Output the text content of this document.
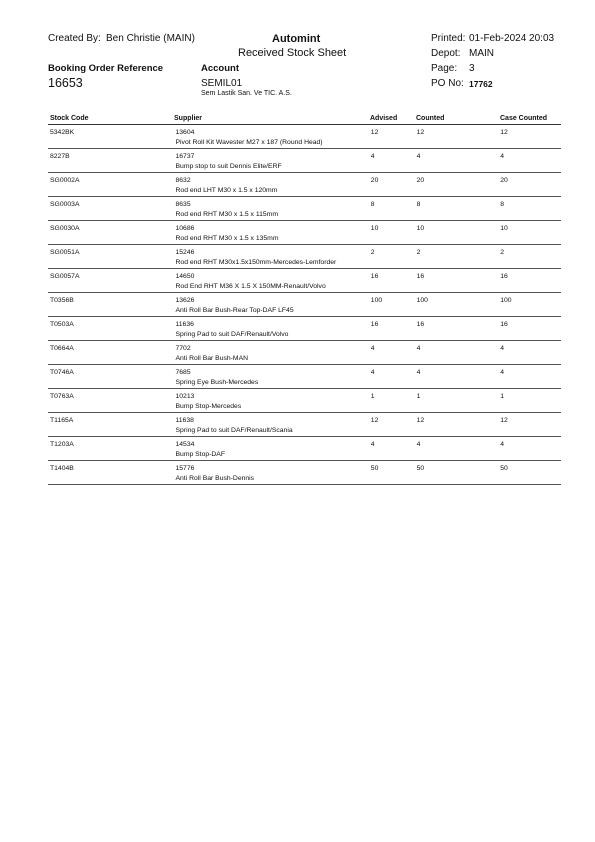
Created By: Ben Christie (MAIN)	Automint
Received Stock Sheet
Printed: 01-Feb-2024 20:03
Depot: MAIN
Booking Order Reference	Account	Page: 3
16653	SEMIL01
Sem Lastik San. Ve TIC. A.S.
PO No: 17762
Stock Code	Supplier	Advised	Counted	Case Counted
5342BK	13604
Pivot Roll Kit Wavester M27 x 187 (Round Head)	12	12	12

8227B	16737
Bump stop to suit Dennis Elite/ERF	4	4	4

SG0002A	8632
Rod end LHT M30 x 1.5 x 120mm	20	20	20

SG0003A	8635
Rod end RHT M30 x 1.5 x 115mm	8	8	8

SG0030A	10686
Rod end RHT M30 x 1.5 x 135mm	10	10	10

SG0051A	15246
Rod end RHT M30x1.5x150mm-Mercedes-Lemforder	2	2	2

SG0057A	14650
Rod End RHT M36 X 1.5 X 150MM-Renault/Volvo	16	16	16

T0356B	13626
Anti Roll Bar Bush-Rear Top-DAF LF45	100	100	100

T0503A	11636
Spring Pad to suit DAF/Renault/Volvo	16	16	16

T0664A	7702
Anti Roll Bar Bush-MAN	4	4	4

T0746A	7685
Spring Eye Bush-Mercedes	4	4	4

T0763A	10213
Bump Stop-Mercedes	1	1	1

T1165A	11638
Spring Pad to suit DAF/Renault/Scania	12	12	12

T1203A	14534
Bump Stop-DAF	4	4	4

T1404B	15776
Anti Roll Bar Bush-Dennis	50	50	50
